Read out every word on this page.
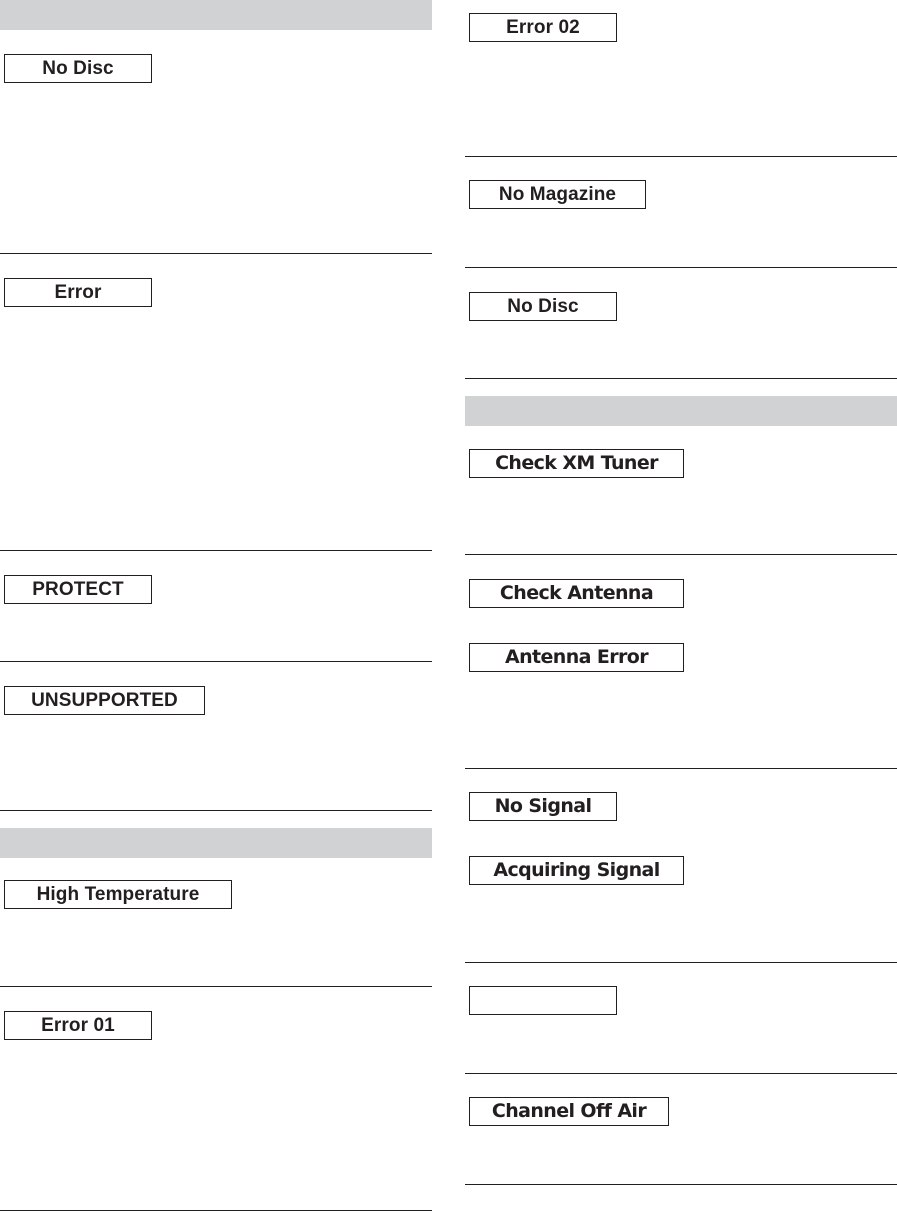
No Disc
Error
PROTECT
UNSUPPORTED
High Temperature
Error 01
Error 02
No Magazine
No Disc
Check XM Tuner
Check Antenna
Antenna Error
No Signal
Acquiring Signal
Channel Off Air
